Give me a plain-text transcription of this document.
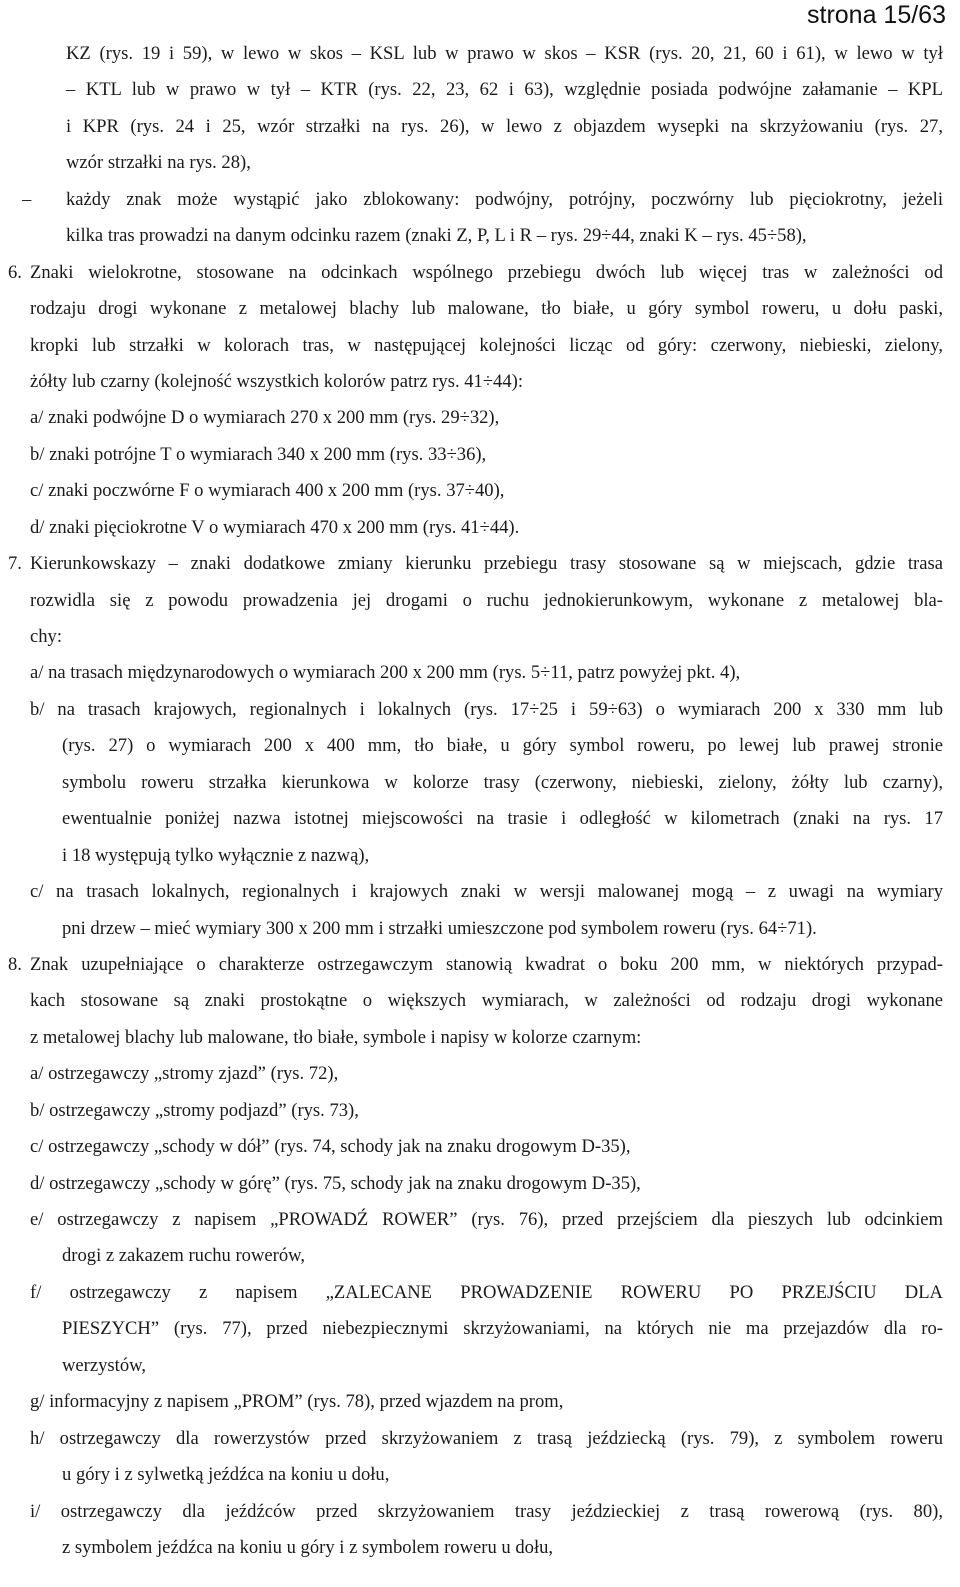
strona 15/63
KZ (rys. 19 i 59), w lewo w skos – KSL lub w prawo w skos – KSR (rys. 20, 21, 60 i 61), w lewo w tył
– KTL lub w prawo w tył – KTR (rys. 22, 23, 62 i 63), względnie posiada podwójne załamanie – KPL
i KPR (rys. 24 i 25, wzór strzałki na rys. 26), w lewo z objazdem wysepki na skrzyżowaniu (rys. 27,
wzór strzałki na rys. 28),
– każdy znak może wystąpić jako zblokowany: podwójny, potrójny, poczwórny lub pięciokrotny, jeżeli
kilka tras prowadzi na danym odcinku razem (znaki Z, P, L i R – rys. 29÷44, znaki K – rys. 45÷58),
6. Znaki wielokrotne, stosowane na odcinkach wspólnego przebiegu dwóch lub więcej tras w zależności od
rodzaju drogi wykonane z metalowej blachy lub malowane, tło białe, u góry symbol roweru, u dołu paski,
kropki lub strzałki w kolorach tras, w następującej kolejności licząc od góry: czerwony, niebieski, zielony,
żółty lub czarny (kolejność wszystkich kolorów patrz rys. 41÷44):
a/ znaki podwójne D o wymiarach 270 x 200 mm (rys. 29÷32),
b/ znaki potrójne T o wymiarach 340 x 200 mm (rys. 33÷36),
c/ znaki poczwórne F o wymiarach 400 x 200 mm (rys. 37÷40),
d/ znaki pięciokrotne V o wymiarach 470 x 200 mm (rys. 41÷44).
7. Kierunkowskazy – znaki dodatkowe zmiany kierunku przebiegu trasy stosowane są w miejscach, gdzie trasa
rozwidla się z powodu prowadzenia jej drogami o ruchu jednokierunkowym, wykonane z metalowej bla-
chy:
a/ na trasach międzynarodowych o wymiarach 200 x 200 mm (rys. 5÷11, patrz powyżej pkt. 4),
b/ na trasach krajowych, regionalnych i lokalnych (rys. 17÷25 i 59÷63) o wymiarach 200 x 330 mm lub
(rys. 27) o wymiarach 200 x 400 mm, tło białe, u góry symbol roweru, po lewej lub prawej stronie
symbolu roweru strzałka kierunkowa w kolorze trasy (czerwony, niebieski, zielony, żółty lub czarny),
ewentualnie poniżej nazwa istotnej miejscowości na trasie i odległość w kilometrach (znaki na rys. 17
i 18 występują tylko wyłącznie z nazwą),
c/ na trasach lokalnych, regionalnych i krajowych znaki w wersji malowanej mogą – z uwagi na wymiary
pni drzew – mieć wymiary 300 x 200 mm i strzałki umieszczone pod symbolem roweru (rys. 64÷71).
8. Znak uzupełniające o charakterze ostrzegawczym stanowią kwadrat o boku 200 mm, w niektórych przypad-
kach stosowane są znaki prostokątne o większych wymiarach, w zależności od rodzaju drogi wykonane
z metalowej blachy lub malowane, tło białe, symbole i napisy w kolorze czarnym:
a/ ostrzegawczy „stromy zjazd” (rys. 72),
b/ ostrzegawczy „stromy podjazd” (rys. 73),
c/ ostrzegawczy „schody w dół” (rys. 74, schody jak na znaku drogowym D-35),
d/ ostrzegawczy „schody w górę” (rys. 75, schody jak na znaku drogowym D-35),
e/ ostrzegawczy z napisem „PROWADŹ ROWER” (rys. 76), przed przejściem dla pieszych lub odcinkiem
drogi z zakazem ruchu rowerów,
f/ ostrzegawczy z napisem „ZALECANE PROWADZENIE ROWERU PO PRZEJŚCIU DLA
PIESZYCH” (rys. 77), przed niebezpiecznymi skrzyżowaniami, na których nie ma przejazdów dla ro-
werzystów,
g/ informacyjny z napisem „PROM” (rys. 78), przed wjazdem na prom,
h/ ostrzegawczy dla rowerzystów przed skrzyżowaniem z trasą jeździecką (rys. 79), z symbolem roweru
u góry i z sylwetką jeźdźca na koniu u dołu,
i/ ostrzegawczy dla jeźdźców przed skrzyżowaniem trasy jeździeckiej z trasą rowerową (rys. 80),
z symbolem jeźdźca na koniu u góry i z symbolem roweru u dołu,
